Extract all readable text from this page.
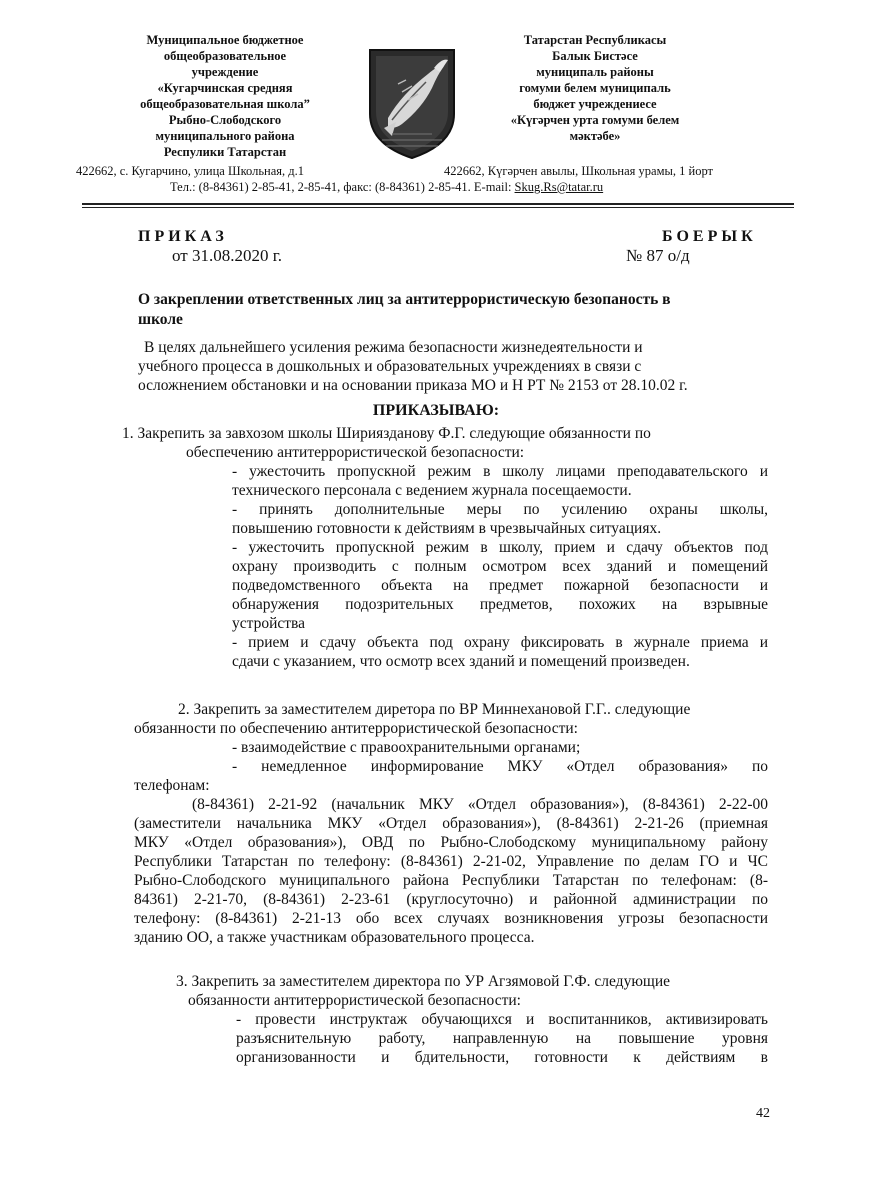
Муниципальное бюджетное
общеобразовательное
учреждение
«Кугарчинская средняя
общеобразовательная школа”
Рыбно-Слободского
муниципального района
Респулики Татарстан
Татарстан Республикасы
Балык Бистәсе
муниципаль районы
гомуми белем муниципаль
бюджет учреждениесе
«Күгәрчен урта гомуми белем
мәктәбе»
422662, с. Кугарчино, улица Школьная, д.1	422662, Күгәрчен авылы, Школьная урамы, 1 йорт
Тел.: (8-84361) 2-85-41, 2-85-41, факс: (8-84361) 2-85-41. E-mail: Skug.Rs@tatar.ru
ПРИКАЗ
от 31.08.2020 г.
БОЕРЫК
№ 87 о/д
О закреплении ответственных лиц за антитеррористическую безопаность в
школе
В целях дальнейшего усиления режима безопасности жизнедеятельности и
учебного процесса в дошкольных и образовательных учреждениях в связи с
осложнением обстановки и на основании приказа МО и Н РТ № 2153 от 28.10.02 г.
ПРИКАЗЫВАЮ:
1. Закрепить за завхозом школы Шириязданову Ф.Г. следующие обязанности по
обеспечению антитеррористической безопасности:
- ужесточить пропускной режим в школу лицами преподавательского и
технического персонала с ведением журнала посещаемости.
- принять дополнительные меры по усилению охраны школы,
повышению готовности к действиям в чрезвычайных ситуациях.
- ужесточить пропускной режим в школу, прием и сдачу объектов под
охрану производить с полным осмотром всех зданий и помещений
подведомственного объекта на предмет пожарной безопасности и
обнаружения подозрительных предметов, похожих на взрывные
устройства
- прием и сдачу объекта под охрану фиксировать в журнале приема и
сдачи с указанием, что осмотр всех зданий и помещений произведен.
2. Закрепить за заместителем диретора по ВР Миннехановой Г.Г.. следующие
обязанности по обеспечению антитеррористической безопасности:
- взаимодействие с правоохранительными органами;
- немедленное информирование МКУ «Отдел образования» по
телефонам:
(8-84361) 2-21-92 (начальник МКУ «Отдел образования»), (8-84361) 2-22-00
(заместители начальника МКУ «Отдел образования»), (8-84361) 2-21-26 (приемная
МКУ «Отдел образования»), ОВД по Рыбно-Слободскому муниципальному району
Республики Татарстан по телефону: (8-84361) 2-21-02, Управление по делам ГО и ЧС
Рыбно-Слободского муниципального района Республики Татарстан по телефонам: (8-
84361) 2-21-70, (8-84361) 2-23-61 (круглосуточно) и районной администрации по
телефону: (8-84361) 2-21-13 обо всех случаях возникновения угрозы безопасности
зданию ОО, а также участникам образовательного процесса.
3. Закрепить за заместителем директора по УР Агзямовой Г.Ф. следующие
обязанности антитеррористической безопасности:
- провести инструктаж обучающихся и воспитанников, активизировать
разъяснительную работу, направленную на повышение уровня
организованности и бдительности, готовности к действиям в
42
